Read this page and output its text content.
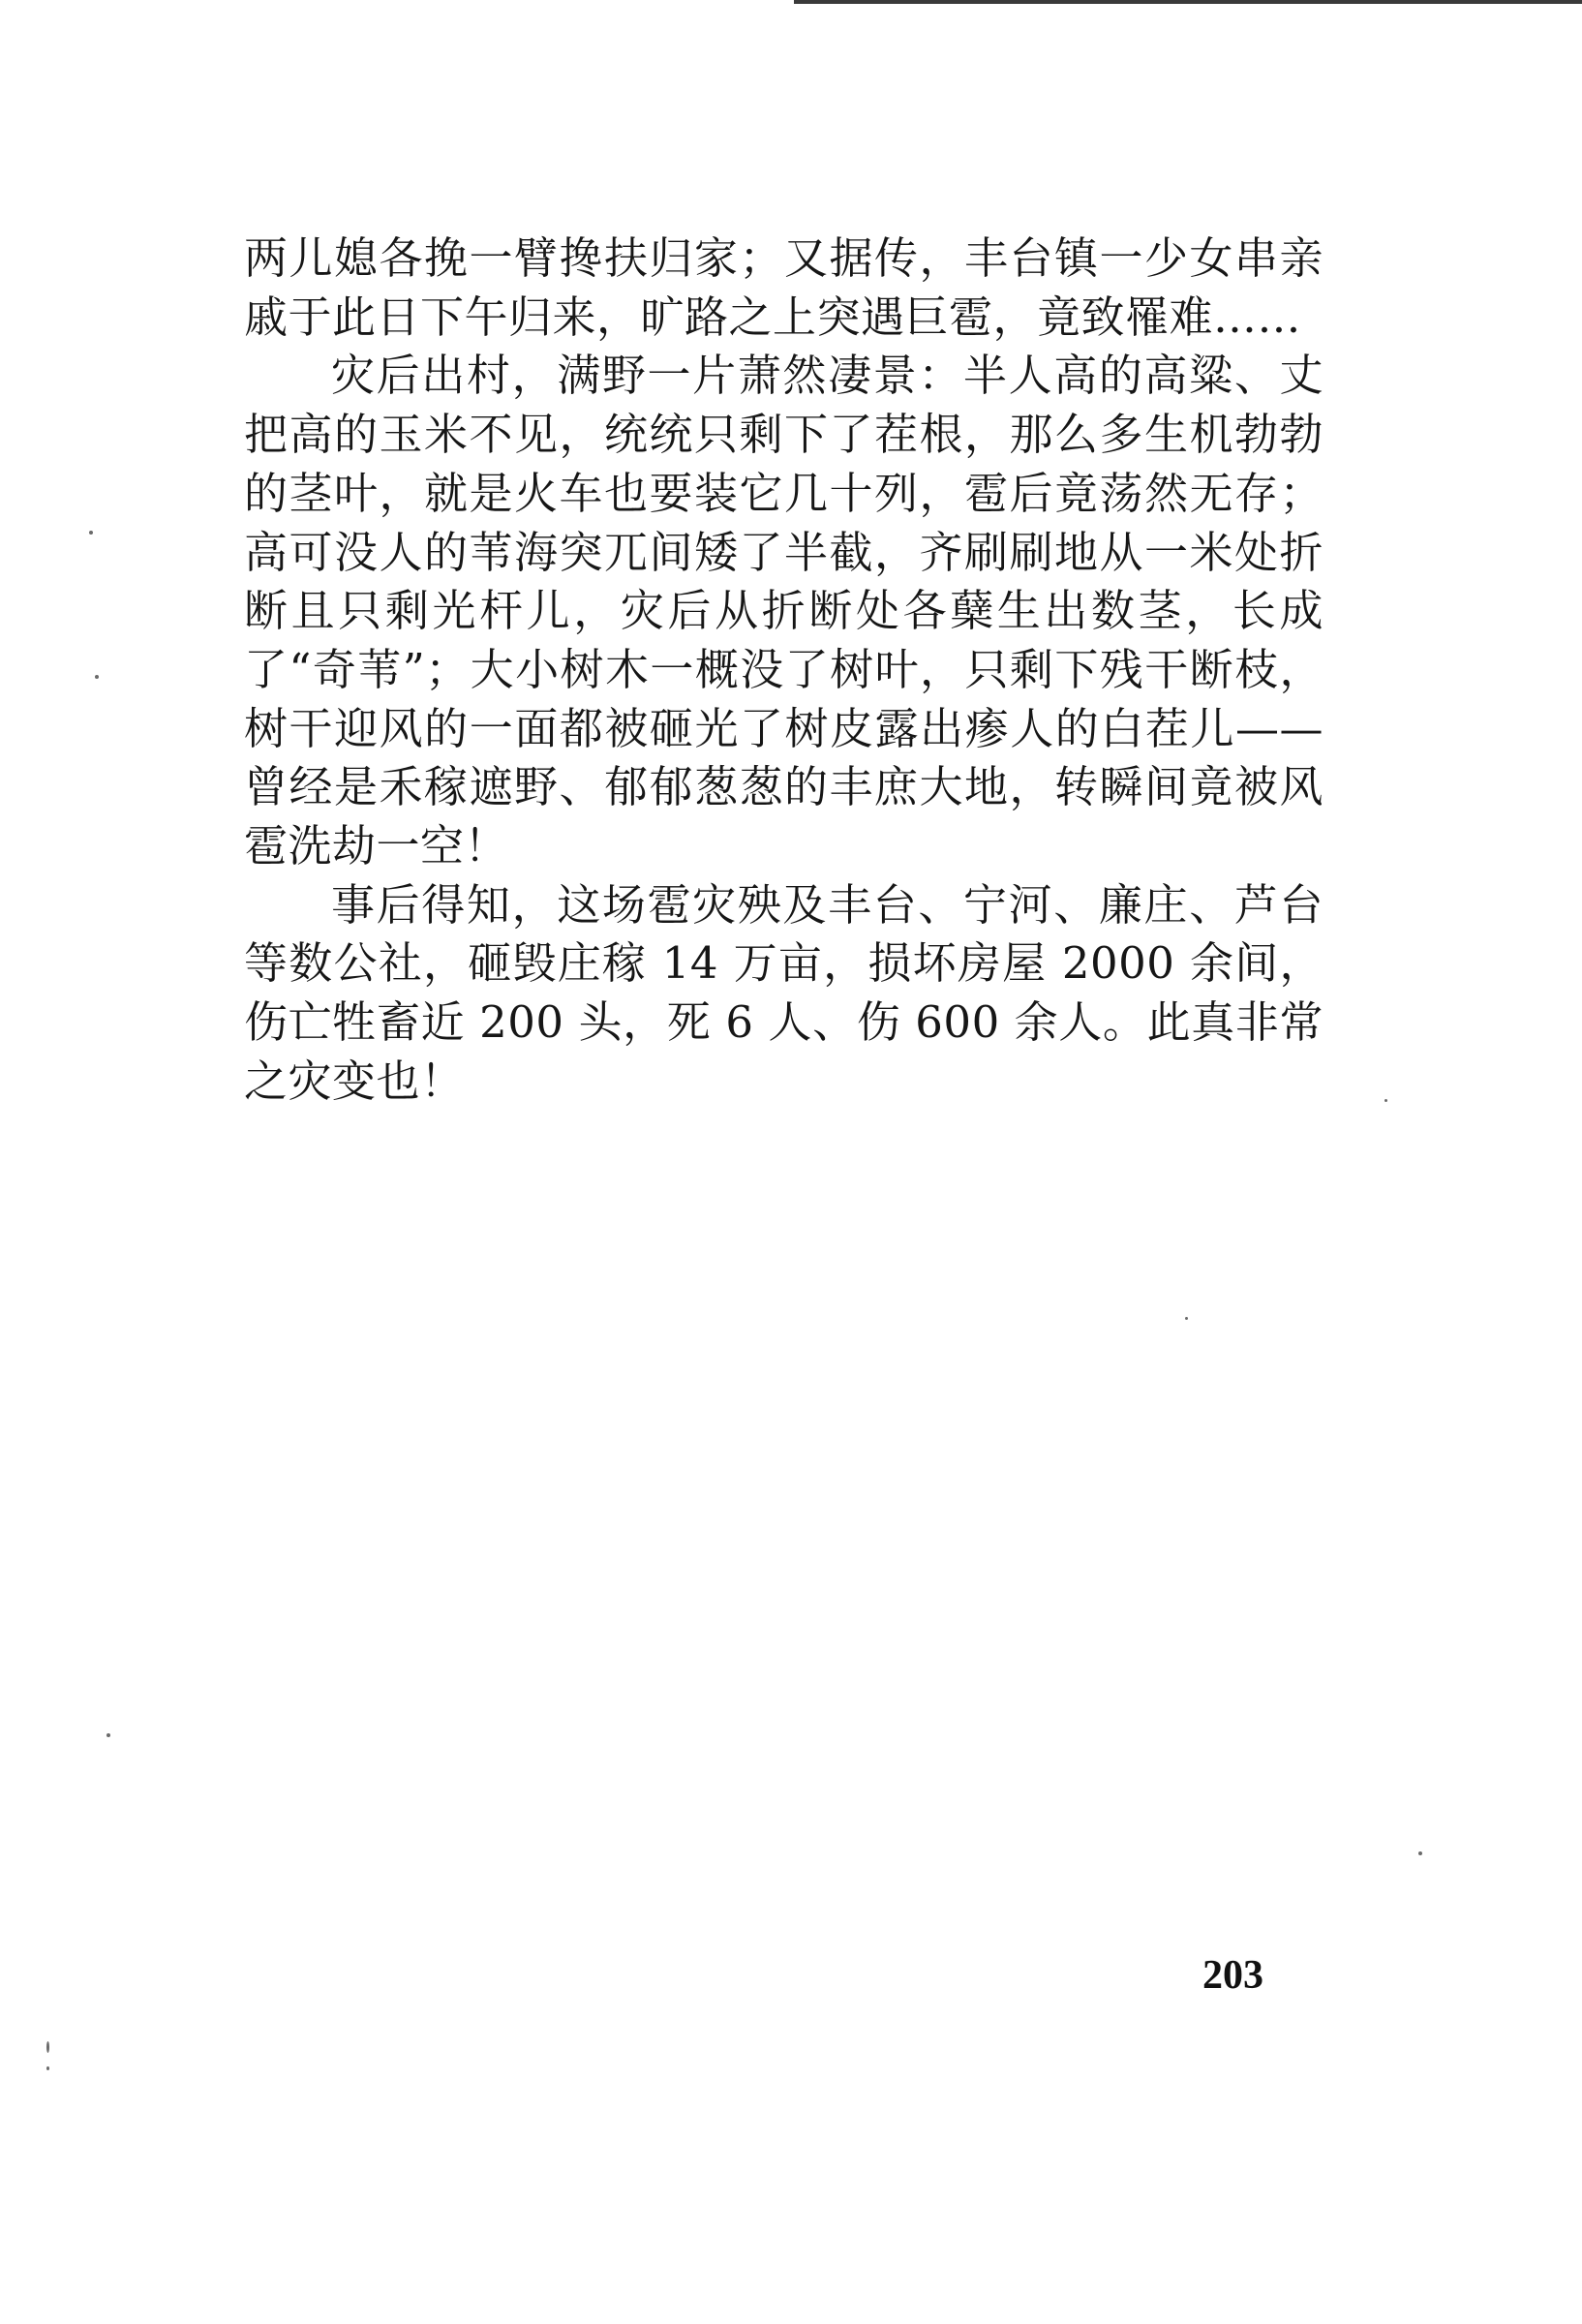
两儿媳各挽一臂搀扶归家；又据传，丰台镇一少女串亲戚于此日下午归来，旷路之上突遇巨雹，竟致罹难……

灾后出村，满野一片萧然凄景：半人高的高粱、丈把高的玉米不见，统统只剩下了茬根，那么多生机勃勃的茎叶，就是火车也要装它几十列，雹后竟荡然无存；高可没人的苇海突兀间矮了半截，齐刷刷地从一米处折断且只剩光杆儿，灾后从折断处各蘖生出数茎，长成了“奇苇”；大小树木一概没了树叶，只剩下残干断枝，树干迎风的一面都被砸光了树皮露出瘆人的白茬儿——曾经是禾稼遮野、郁郁葱葱的丰庶大地，转瞬间竟被风雹洗劫一空！

事后得知，这场雹灾殃及丰台、宁河、廉庄、芦台等数公社，砸毁庄稼 14 万亩，损坏房屋 2000 余间，伤亡牲畜近 200 头，死 6 人、伤 600 余人。此真非常之灾变也！

203
